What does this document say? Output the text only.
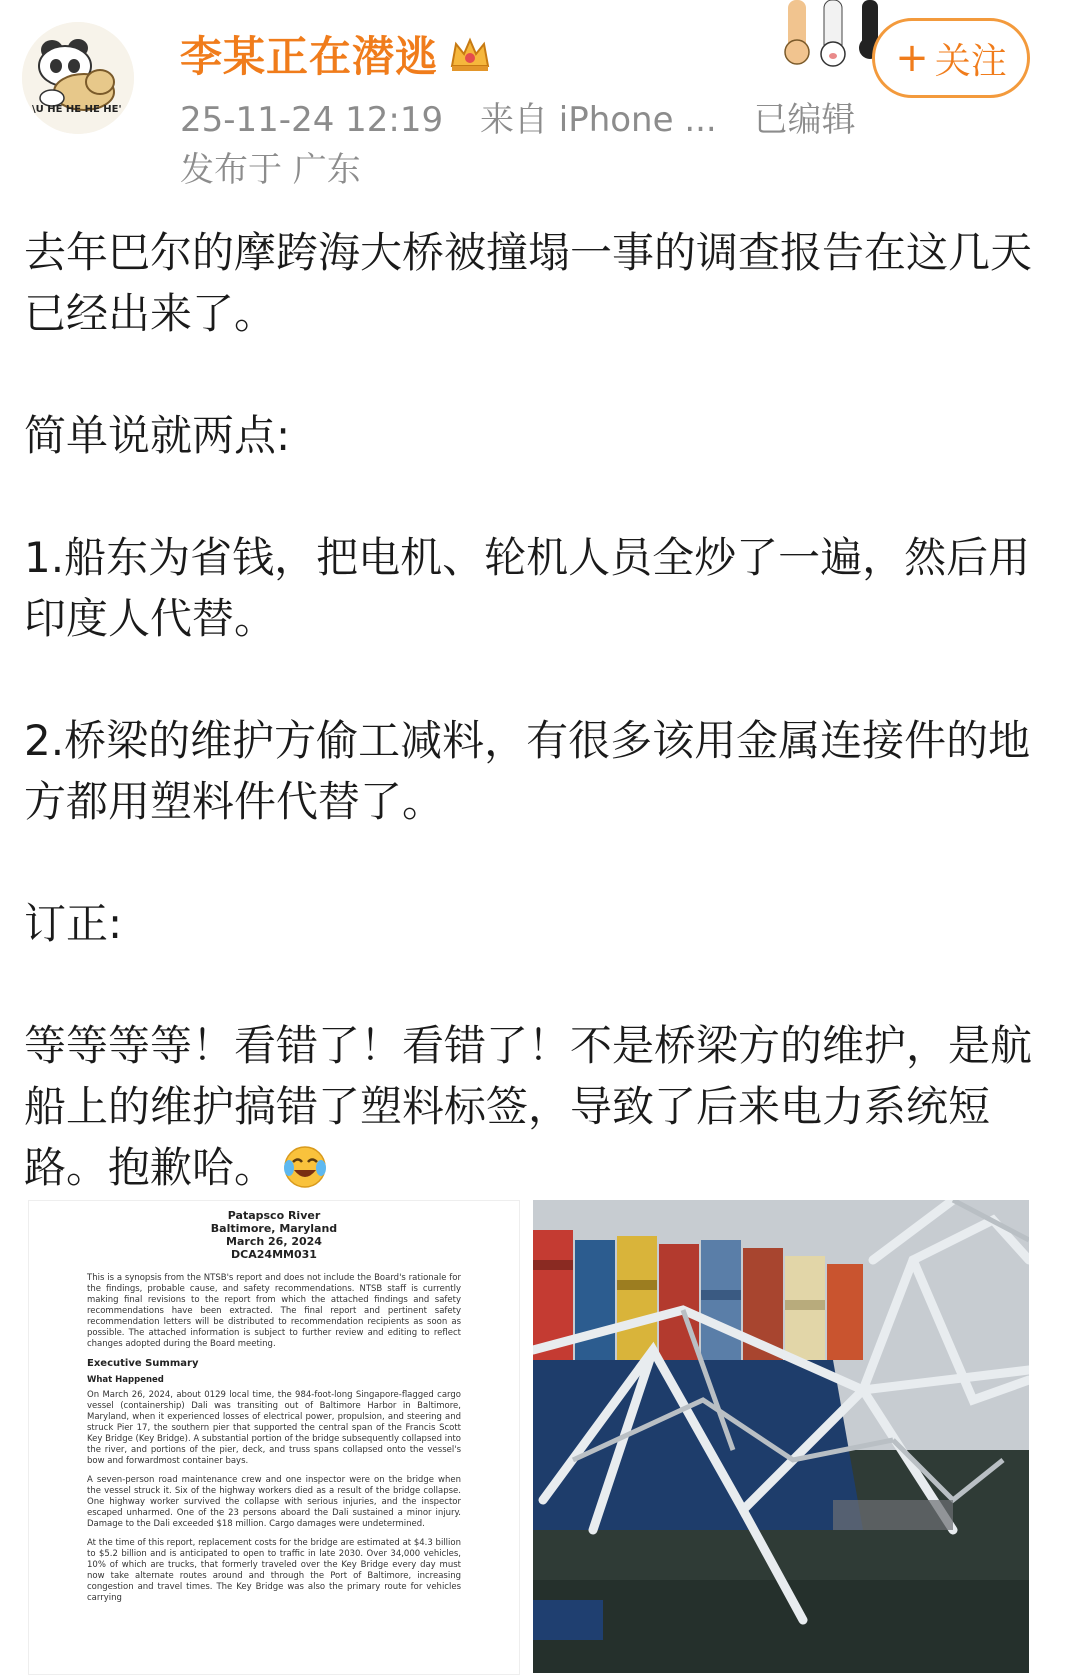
\U HE HE HE HE'
李某正在潜逃
25-11-24 12:19 来自 iPhone ... 已编辑
发布于 广东
+ 关注

去年巴尔的摩跨海大桥被撞塌一事的调查报告在这几天已经出来了。

简单说就两点:

1.船东为省钱，把电机、轮机人员全炒了一遍，然后用印度人代替。

2.桥梁的维护方偷工减料，有很多该用金属连接件的地方都用塑料件代替了。

订正:

等等等等！看错了！看错了！不是桥梁方的维护，是航船上的维护搞错了塑料标签，导致了后来电力系统短路。抱歉哈。

Patapsco River
Baltimore, Maryland
March 26, 2024
DCA24MM031

This is a synopsis from the NTSB's report and does not include the Board's rationale for the findings, probable cause, and safety recommendations. NTSB staff is currently making final revisions to the report from which the attached findings and safety recommendations have been extracted. The final report and pertinent safety recommendation letters will be distributed to recommendation recipients as soon as possible. The attached information is subject to further review and editing to reflect changes adopted during the Board meeting.

Executive Summary
What Happened

On March 26, 2024, about 0129 local time, the 984-foot-long Singapore-flagged cargo vessel (containership) Dali was transiting out of Baltimore Harbor in Baltimore, Maryland, when it experienced losses of electrical power, propulsion, and steering and struck Pier 17, the southern pier that supported the central span of the Francis Scott Key Bridge (Key Bridge). A substantial portion of the bridge subsequently collapsed into the river, and portions of the pier, deck, and truss spans collapsed onto the vessel's bow and forwardmost container bays.

A seven-person road maintenance crew and one inspector were on the bridge when the vessel struck it. Six of the highway workers died as a result of the bridge collapse. One highway worker survived the collapse with serious injuries, and the inspector escaped unharmed. One of the 23 persons aboard the Dali sustained a minor injury. Damage to the Dali exceeded $18 million. Cargo damages were undetermined.

At the time of this report, replacement costs for the bridge are estimated at $4.3 billion to $5.2 billion and is anticipated to open to traffic in late 2030. Over 34,000 vehicles, 10% of which are trucks, that formerly traveled over the Key Bridge every day must now take alternate routes around and through the Port of Baltimore, increasing congestion and travel times. The Key Bridge was also the primary route for vehicles carrying
